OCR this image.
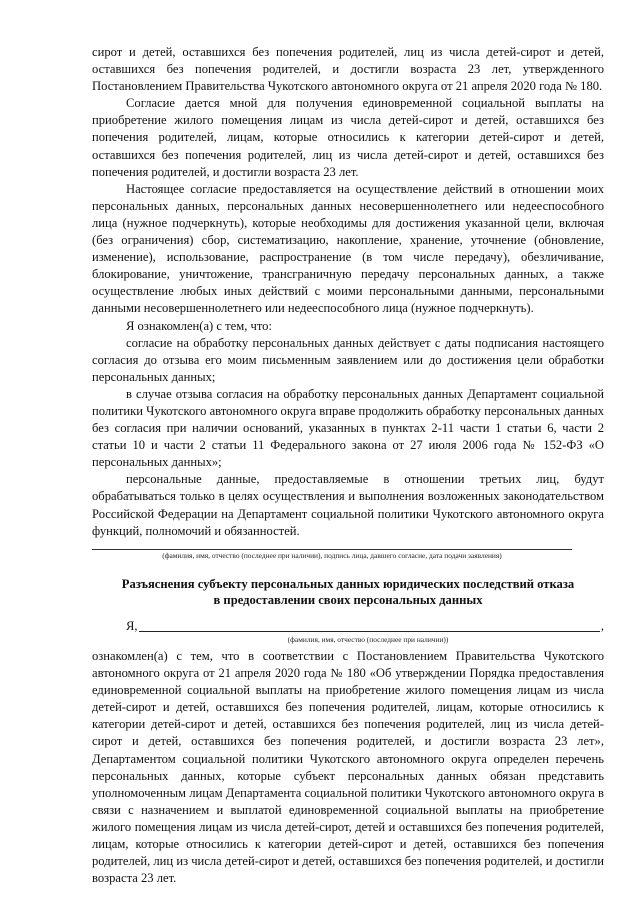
сирот и детей, оставшихся без попечения родителей, лиц из числа детей-сирот и детей, оставшихся без попечения родителей, и достигли возраста 23 лет, утвержденного Постановлением Правительства Чукотского автономного округа от 21 апреля 2020 года № 180.

Согласие дается мной для получения единовременной социальной выплаты на приобретение жилого помещения лицам из числа детей-сирот и детей, оставшихся без попечения родителей, лицам, которые относились к категории детей-сирот и детей, оставшихся без попечения родителей, лиц из числа детей-сирот и детей, оставшихся без попечения родителей, и достигли возраста 23 лет.

Настоящее согласие предоставляется на осуществление действий в отношении моих персональных данных, персональных данных несовершеннолетнего или недееспособного лица (нужное подчеркнуть), которые необходимы для достижения указанной цели, включая (без ограничения) сбор, систематизацию, накопление, хранение, уточнение (обновление, изменение), использование, распространение (в том числе передачу), обезличивание, блокирование, уничтожение, трансграничную передачу персональных данных, а также осуществление любых иных действий с моими персональными данными, персональными данными несовершеннолетнего или недееспособного лица (нужное подчеркнуть).

Я ознакомлен(а) с тем, что:

согласие на обработку персональных данных действует с даты подписания настоящего согласия до отзыва его моим письменным заявлением или до достижения цели обработки персональных данных;

в случае отзыва согласия на обработку персональных данных Департамент социальной политики Чукотского автономного округа вправе продолжить обработку персональных данных без согласия при наличии оснований, указанных в пунктах 2-11 части 1 статьи 6, части 2 статьи 10 и части 2 статьи 11 Федерального закона от 27 июля 2006 года № 152-ФЗ «О персональных данных»;

персональные данные, предоставляемые в отношении третьих лиц, будут обрабатываться только в целях осуществления и выполнения возложенных законодательством Российской Федерации на Департамент социальной политики Чукотского автономного округа функций, полномочий и обязанностей.

(фамилия, имя, отчество (последнее при наличии), подпись лица, давшего согласие, дата подачи заявления)
Разъяснения субъекту персональных данных юридических последствий отказа в предоставлении своих персональных данных
Я,	,
(фамилия, имя, отчество (последнее при наличии))

ознакомлен(а) с тем, что в соответствии с Постановлением Правительства Чукотского автономного округа от 21 апреля 2020 года № 180 «Об утверждении Порядка предоставления единовременной социальной выплаты на приобретение жилого помещения лицам из числа детей-сирот и детей, оставшихся без попечения родителей, лицам, которые относились к категории детей-сирот и детей, оставшихся без попечения родителей, лиц из числа детей-сирот и детей, оставшихся без попечения родителей, и достигли возраста 23 лет», Департаментом социальной политики Чукотского автономного округа определен перечень персональных данных, которые субъект персональных данных обязан представить уполномоченным лицам Департамента социальной политики Чукотского автономного округа в связи с назначением и выплатой единовременной социальной выплаты на приобретение жилого помещения лицам из числа детей-сирот, детей и оставшихся без попечения родителей, лицам, которые относились к категории детей-сирот и детей, оставшихся без попечения родителей, лиц из числа детей-сирот и детей, оставшихся без попечения родителей, и достигли возраста 23 лет.
